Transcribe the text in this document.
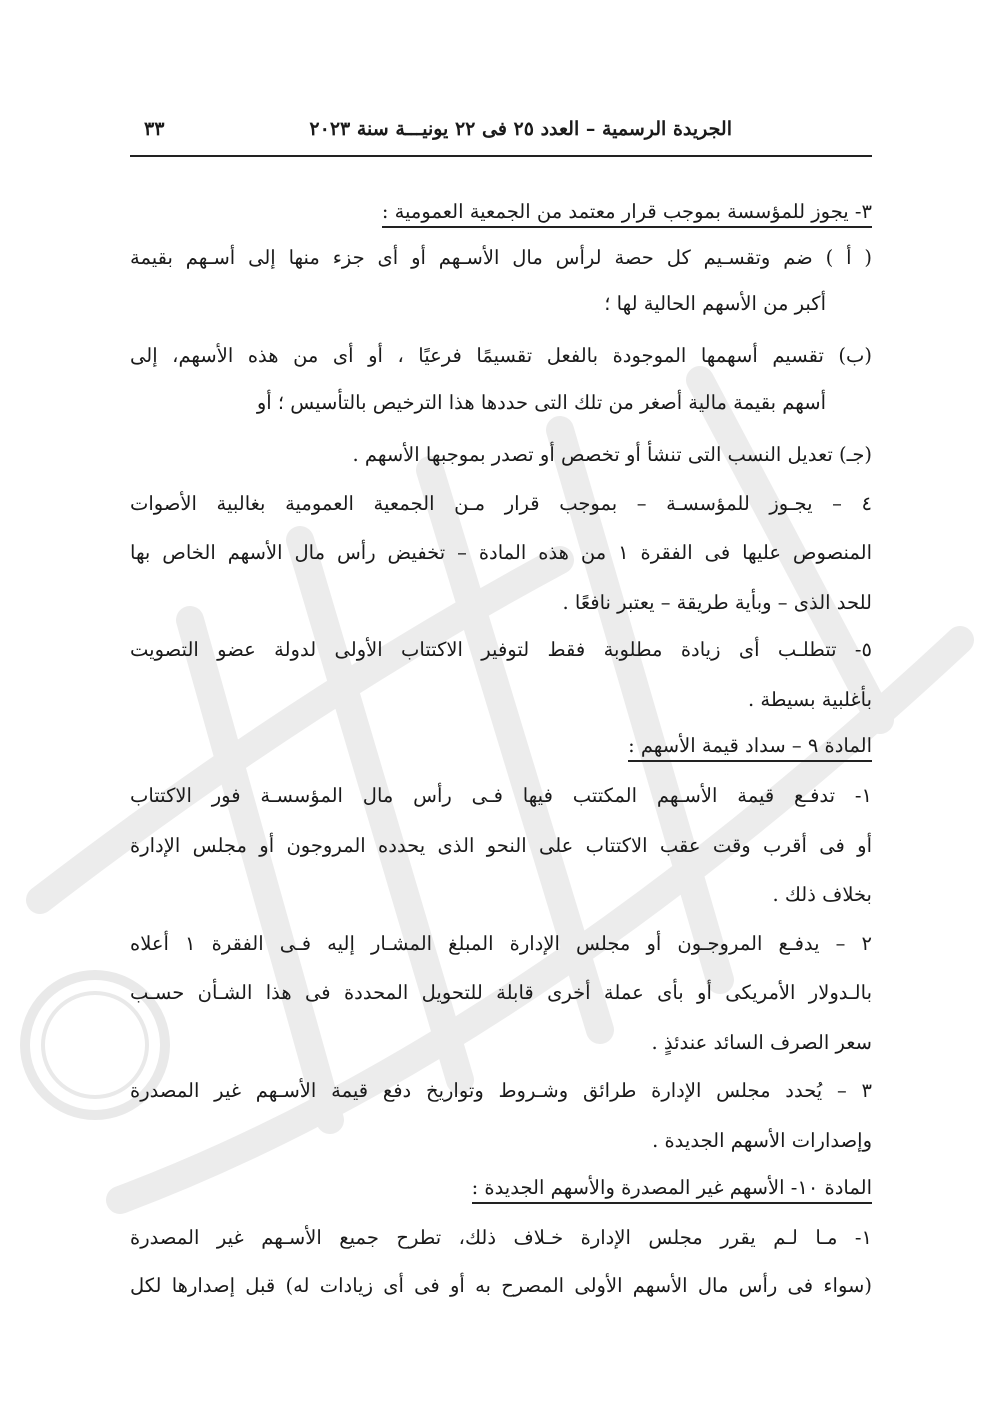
الجريدة الرسمية – العدد ٢٥ فى ٢٢ يونيـــة سنة ٢٠٢٣
٣٣
٣- يجوز للمؤسسة بموجب قرار معتمد من الجمعية العمومية :
( أ ) ضم وتقسـيم كل حصة لرأس مال الأسـهم أو أى جزء منها إلى أسـهم بقيمة
أكبر من الأسهم الحالية لها ؛
(ب) تقسيم أسهمها الموجودة بالفعل تقسيمًا فرعيًا ، أو أى من هذه الأسهم، إلى
أسهم بقيمة مالية أصغر من تلك التى حددها هذا الترخيص بالتأسيس ؛ أو
(جـ) تعديل النسب التى تنشأ أو تخصص أو تصدر بموجبها الأسهم .
٤ – يجـوز للمؤسسـة – بموجب قرار مـن الجمعية العمومية بغالبية الأصوات
المنصوص عليها فى الفقرة ١ من هذه المادة – تخفيض رأس مال الأسهم الخاص بها
للحد الذى – وبأية طريقة – يعتبر نافعًا .
٥- تتطلـب أى زيادة مطلوبة فقط لتوفير الاكتتاب الأولى لدولة عضو التصويت
بأغلبية بسيطة .
المادة ٩ – سداد قيمة الأسهم :
١- تدفـع قيمة الأسـهم المكتتب فيها فـى رأس مال المؤسسـة فور الاكتتاب
أو فى أقرب وقت عقب الاكتتاب على النحو الذى يحدده المروجون أو مجلس الإدارة
بخلاف ذلك .
٢ – يدفـع المروجـون أو مجلس الإدارة المبلغ المشـار إليه فـى الفقرة ١ أعلاه
بالـدولار الأمريكى أو بأى عملة أخرى قابلة للتحويل المحددة فى هذا الشـأن حسـب
سعر الصرف السائد عندئذٍ .
٣ – يُحدد مجلس الإدارة طرائق وشـروط وتواريخ دفع قيمة الأسـهم غير المصدرة
وإصدارات الأسهم الجديدة .
المادة ١٠- الأسهم غير المصدرة والأسهم الجديدة :
١- مـا لـم يقرر مجلس الإدارة خـلاف ذلك، تطرح جميع الأسـهم غير المصدرة
(سواء فى رأس مال الأسهم الأولى المصرح به أو فى أى زيادات له) قبل إصدارها لكل
